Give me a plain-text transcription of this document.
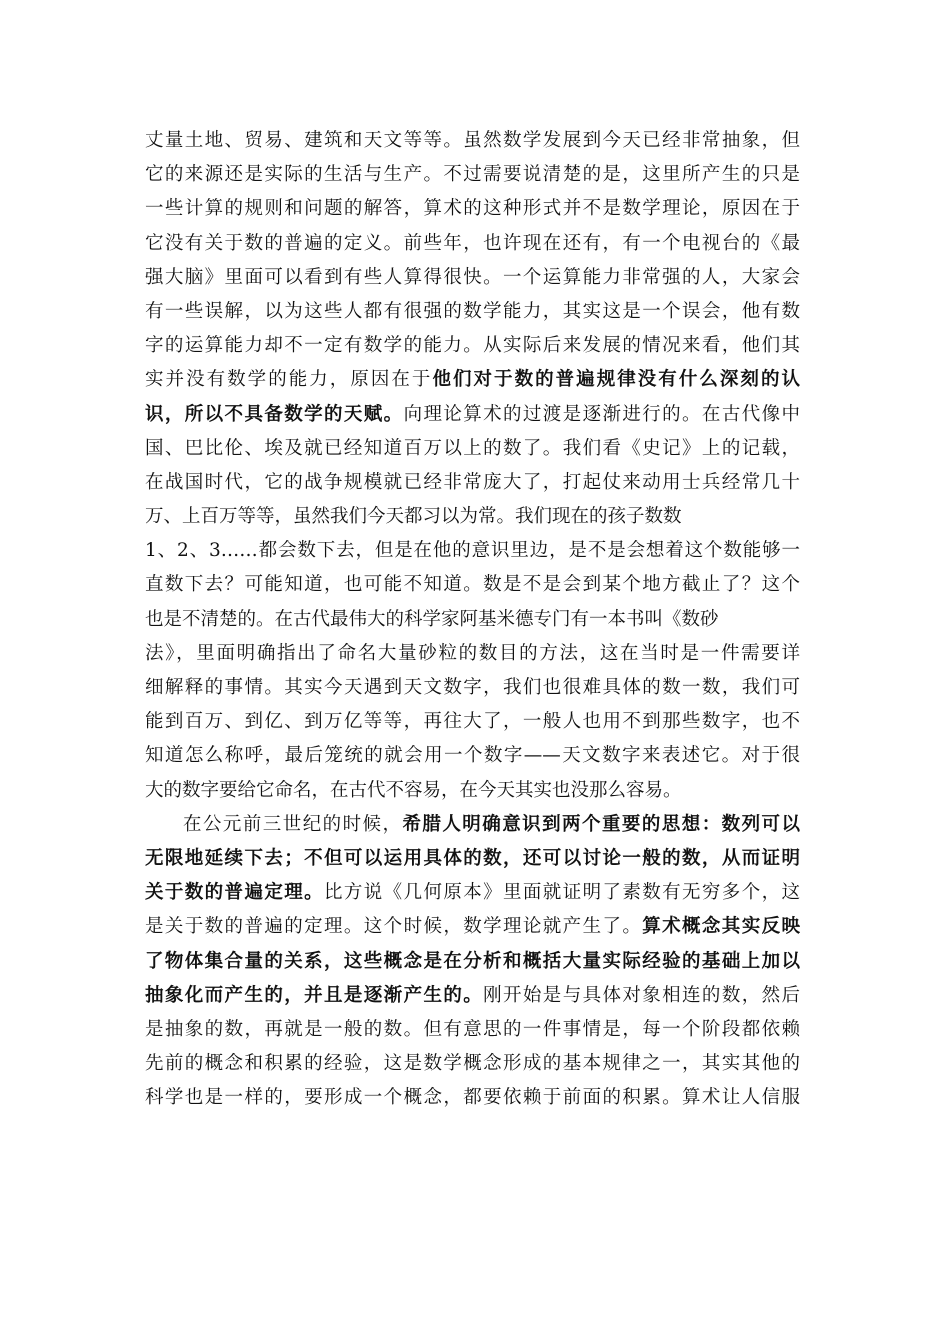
丈量土地、贸易、建筑和天文等等。虽然数学发展到今天已经非常抽象，但
它的来源还是实际的生活与生产。不过需要说清楚的是，这里所产生的只是
一些计算的规则和问题的解答，算术的这种形式并不是数学理论，原因在于
它没有关于数的普遍的定义。前些年，也许现在还有，有一个电视台的《最
强大脑》里面可以看到有些人算得很快。一个运算能力非常强的人，大家会
有一些误解，以为这些人都有很强的数学能力，其实这是一个误会，他有数
字的运算能力却不一定有数学的能力。从实际后来发展的情况来看，他们其
实并没有数学的能力，原因在于他们对于数的普遍规律没有什么深刻的认
识，所以不具备数学的天赋。向理论算术的过渡是逐渐进行的。在古代像中
国、巴比伦、埃及就已经知道百万以上的数了。我们看《史记》上的记载，
在战国时代，它的战争规模就已经非常庞大了，打起仗来动用士兵经常几十
万、上百万等等，虽然我们今天都习以为常。我们现在的孩子数数
1、2、3……都会数下去，但是在他的意识里边，是不是会想着这个数能够一
直数下去？可能知道，也可能不知道。数是不是会到某个地方截止了？这个
也是不清楚的。在古代最伟大的科学家阿基米德专门有一本书叫《数砂
法》，里面明确指出了命名大量砂粒的数目的方法，这在当时是一件需要详
细解释的事情。其实今天遇到天文数字，我们也很难具体的数一数，我们可
能到百万、到亿、到万亿等等，再往大了，一般人也用不到那些数字，也不
知道怎么称呼，最后笼统的就会用一个数字——天文数字来表述它。对于很
大的数字要给它命名，在古代不容易，在今天其实也没那么容易。
在公元前三世纪的时候，希腊人明确意识到两个重要的思想：数列可以
无限地延续下去；不但可以运用具体的数，还可以讨论一般的数，从而证明
关于数的普遍定理。比方说《几何原本》里面就证明了素数有无穷多个，这
是关于数的普遍的定理。这个时候，数学理论就产生了。算术概念其实反映
了物体集合量的关系，这些概念是在分析和概括大量实际经验的基础上加以
抽象化而产生的，并且是逐渐产生的。刚开始是与具体对象相连的数，然后
是抽象的数，再就是一般的数。但有意思的一件事情是，每一个阶段都依赖
先前的概念和积累的经验，这是数学概念形成的基本规律之一，其实其他的
科学也是一样的，要形成一个概念，都要依赖于前面的积累。算术让人信服
